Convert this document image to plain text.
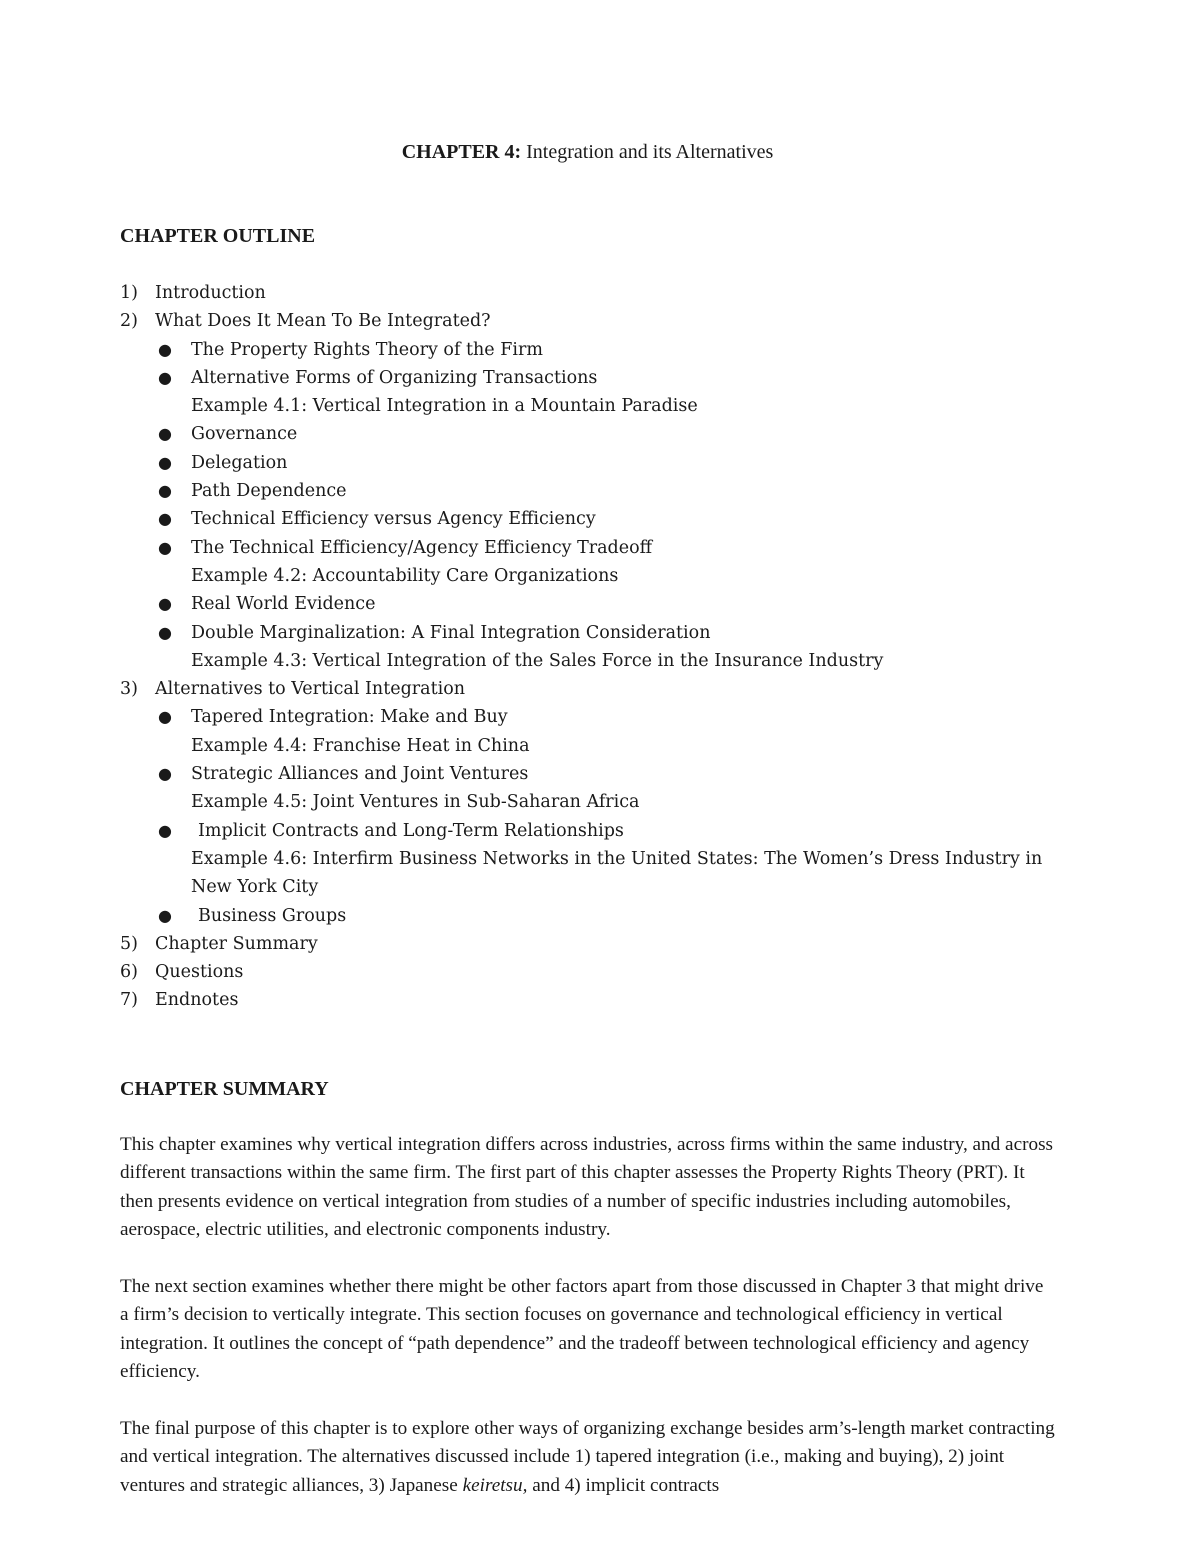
CHAPTER 4: Integration and its Alternatives
CHAPTER OUTLINE
1) Introduction
2) What Does It Mean To Be Integrated?
● The Property Rights Theory of the Firm
● Alternative Forms of Organizing Transactions
Example 4.1: Vertical Integration in a Mountain Paradise
● Governance
● Delegation
● Path Dependence
● Technical Efficiency versus Agency Efficiency
● The Technical Efficiency/Agency Efficiency Tradeoff
Example 4.2: Accountability Care Organizations
● Real World Evidence
● Double Marginalization: A Final Integration Consideration
Example 4.3: Vertical Integration of the Sales Force in the Insurance Industry
3) Alternatives to Vertical Integration
● Tapered Integration: Make and Buy
Example 4.4: Franchise Heat in China
● Strategic Alliances and Joint Ventures
Example 4.5: Joint Ventures in Sub-Saharan Africa
● Implicit Contracts and Long-Term Relationships
Example 4.6: Interfirm Business Networks in the United States: The Women’s Dress Industry in
New York City
● Business Groups
5) Chapter Summary
6) Questions
7) Endnotes
CHAPTER SUMMARY

This chapter examines why vertical integration differs across industries, across firms within the same industry, and across different transactions within the same firm. The first part of this chapter assesses the Property Rights Theory (PRT). It then presents evidence on vertical integration from studies of a number of specific industries including automobiles, aerospace, electric utilities, and electronic components industry.

The next section examines whether there might be other factors apart from those discussed in Chapter 3 that might drive a firm’s decision to vertically integrate. This section focuses on governance and technological efficiency in vertical integration. It outlines the concept of “path dependence” and the tradeoff between technological efficiency and agency efficiency.

The final purpose of this chapter is to explore other ways of organizing exchange besides arm’s-length market contracting and vertical integration. The alternatives discussed include 1) tapered integration (i.e., making and buying), 2) joint ventures and strategic alliances, 3) Japanese keiretsu, and 4) implicit contracts
